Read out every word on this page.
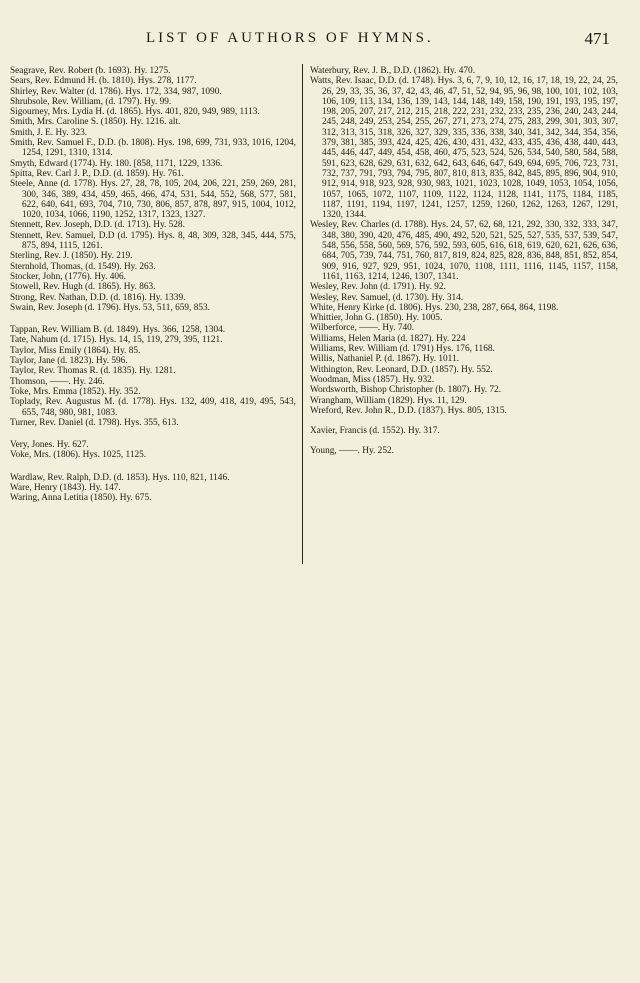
LIST OF AUTHORS OF HYMNS.	471

Seagrave, Rev. Robert (b. 1693). Hy. 1275.

Sears, Rev. Edmund H. (b. 1810). Hys. 278, 1177.

Shirley, Rev. Walter (d. 1786). Hys. 172, 334, 987, 1090.

Shrubsole, Rev. William, (d. 1797). Hy. 99.

Sigourney, Mrs. Lydia H. (d. 1865). Hys. 401, 820, 949, 989, 1113.

Smith, Mrs. Caroline S. (1850). Hy. 1216. alt.

Smith, J. E. Hy. 323.

Smith, Rev. Samuel F., D.D. (b. 1808). Hys. 198, 699, 731, 933, 1016, 1204, 1254, 1291, 1310, 1314.

Smyth, Edward (1774). Hy. 180. [858, 1171, 1229, 1336.

Spitta, Rev. Carl J. P., D.D. (d. 1859). Hy. 761.

Steele, Anne (d. 1778). Hys. 27, 28, 78, 105, 204, 206, 221, 259, 269, 281, 300, 346, 389, 434, 459, 465, 466, 474, 531, 544, 552, 568, 577, 581, 622, 640, 641, 693, 704, 710, 730, 806, 857, 878, 897, 915, 1004, 1012, 1020, 1034, 1066, 1190, 1252, 1317, 1323, 1327.

Stennett, Rev. Joseph, D.D. (d. 1713). Hy. 528.

Stennett, Rev. Samuel, D.D (d. 1795). Hys. 8, 48, 309, 328, 345, 444, 575, 875, 894, 1115, 1261.

Sterling, Rev. J. (1850). Hy. 219.

Sternhold, Thomas, (d. 1549). Hy. 263.

Stocker, John, (1776). Hy. 406.

Stowell, Rev. Hugh (d. 1865). Hy. 863.

Strong, Rev. Nathan, D.D. (d. 1816). Hy. 1339.

Swain, Rev. Joseph (d. 1796). Hys. 53, 511, 659, 853.

Tappan, Rev. William B. (d. 1849). Hys. 366, 1258, 1304.

Tate, Nahum (d. 1715). Hys. 14, 15, 119, 279, 395, 1121.

Taylor, Miss Emily (1864). Hy. 85.

Taylor, Jane (d. 1823). Hy. 596.

Taylor, Rev. Thomas R. (d. 1835). Hy. 1281.

Thomson, ——. Hy. 246.

Toke, Mrs. Emma (1852). Hy. 352.

Toplady, Rev. Augustus M. (d. 1778). Hys. 132, 409, 418, 419, 495, 543, 655, 748, 980, 981, 1083.

Turner, Rev. Daniel (d. 1798). Hys. 355, 613.

Very, Jones. Hy. 627.

Voke, Mrs. (1806). Hys. 1025, 1125.

Wardlaw, Rev. Ralph, D.D. (d. 1853). Hys. 110, 821, 1146.

Ware, Henry (1843). Hy. 147.

Waring, Anna Letitia (1850). Hy. 675.

Waterbury, Rev. J. B., D.D. (1862). Hy. 470.

Watts, Rev. Isaac, D.D. (d. 1748). Hys. 3, 6, 7, 9, 10, 12, 16, 17, 18, 19, 22, 24, 25, 26, 29, 33, 35, 36, 37, 42, 43, 46, 47, 51, 52, 94, 95, 96, 98, 100, 101, 102, 103, 106, 109, 113, 134, 136, 139, 143, 144, 148, 149, 158, 190, 191, 193, 195, 197, 198, 205, 207, 217, 212, 215, 218, 222, 231, 232, 233, 235, 236, 240, 243, 244, 245, 248, 249, 253, 254, 255, 267, 271, 273, 274, 275, 283, 299, 301, 303, 307, 312, 313, 315, 318, 326, 327, 329, 335, 336, 338, 340, 341, 342, 344, 354, 356, 379, 381, 385, 393, 424, 425, 426, 430, 431, 432, 433, 435, 436, 438, 440, 443, 445, 446, 447, 449, 454, 458, 460, 475, 523, 524, 526, 534, 540, 580, 584, 588, 591, 623, 628, 629, 631, 632, 642, 643, 646, 647, 649, 694, 695, 706, 723, 731, 732, 737, 791, 793, 794, 795, 807, 810, 813, 835, 842, 845, 895, 896, 904, 910, 912, 914, 918, 923, 928, 930, 983, 1021, 1023, 1028, 1049, 1053, 1054, 1056, 1057, 1065, 1072, 1107, 1109, 1122, 1124, 1128, 1141, 1175, 1184, 1185, 1187, 1191, 1194, 1197, 1241, 1257, 1259, 1260, 1262, 1263, 1267, 1291, 1320, 1344.

Wesley, Rev. Charles (d. 1788). Hys. 24, 57, 62, 68, 121, 292, 330, 332, 333, 347, 348, 380, 390, 420, 476, 485, 490, 492, 520, 521, 525, 527, 535, 537, 539, 547, 548, 556, 558, 560, 569, 576, 592, 593, 605, 616, 618, 619, 620, 621, 626, 636, 684, 705, 739, 744, 751, 760, 817, 819, 824, 825, 828, 836, 848, 851, 852, 854, 909, 916, 927, 929, 951, 1024, 1070, 1108, 1111, 1116, 1145, 1157, 1158, 1161, 1163, 1214, 1246, 1307, 1341.

Wesley, Rev. John (d. 1791). Hy. 92.

Wesley, Rev. Samuel, (d. 1730). Hy. 314.

White, Henry Kirke (d. 1806). Hys. 230, 238, 287, 664, 864, 1198.

Whittier, John G. (1850). Hy. 1005.

Wilberforce, ——. Hy. 740.

Williams, Helen Maria (d. 1827). Hy. 224

Williams, Rev. William (d. 1791) Hys. 176, 1168.

Willis, Nathaniel P. (d. 1867). Hy. 1011.

Withington, Rev. Leonard, D.D. (1857). Hy. 552.

Woodman, Miss (1857). Hy. 932.

Wordsworth, Bishop Christopher (b. 1807). Hy. 72.

Wrangham, William (1829). Hys. 11, 129.

Wreford, Rev. John R., D.D. (1837). Hys. 805, 1315.

Xavier, Francis (d. 1552). Hy. 317.

Young, ——. Hy. 252.
